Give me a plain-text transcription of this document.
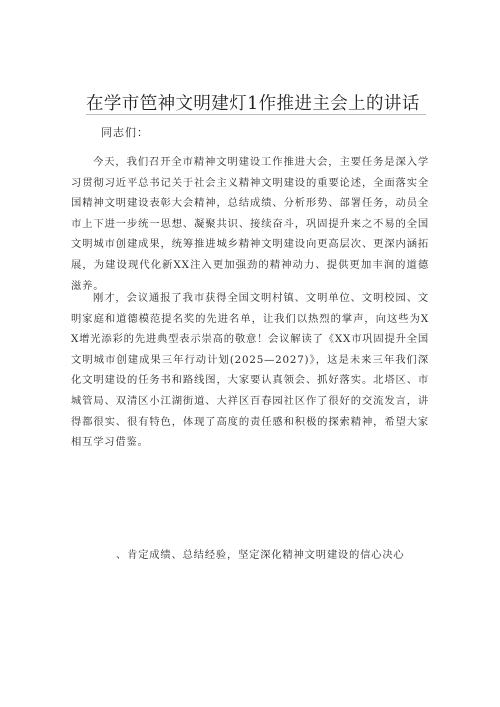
在学市笆神文明建灯1作推进主会上的讲话
同志们：

今天，我们召开全市精神文明建设工作推进大会，主要任务是深入学习贯彻习近平总书记关于社会主义精神文明建设的重要论述，全面落实全国精神文明建设表彰大会精神，总结成绩、分析形势、部署任务，动员全市上下进一步统一思想、凝聚共识、接续奋斗，巩固提升来之不易的全国文明城市创建成果，统筹推进城乡精神文明建设向更高层次、更深内涵拓展，为建设现代化新XX注入更加强劲的精神动力、提供更加丰润的道德滋养。

刚才，会议通报了我市获得全国文明村镇、文明单位、文明校园、文明家庭和道德模范提名奖的先进名单，让我们以热烈的掌声，向这些为XX增光添彩的先进典型表示崇高的敬意！会议解读了《XX市巩固提升全国文明城市创建成果三年行动计划(2025—2027)》，这是未来三年我们深化文明建设的任务书和路线图，大家要认真领会、抓好落实。北塔区、市城管局、双清区小江湖街道、大祥区百春园社区作了很好的交流发言，讲得都很实、很有特色，体现了高度的责任感和积极的探索精神，希望大家相互学习借鉴。

、肯定成绩、总结经验，坚定深化精神文明建设的信心决心
